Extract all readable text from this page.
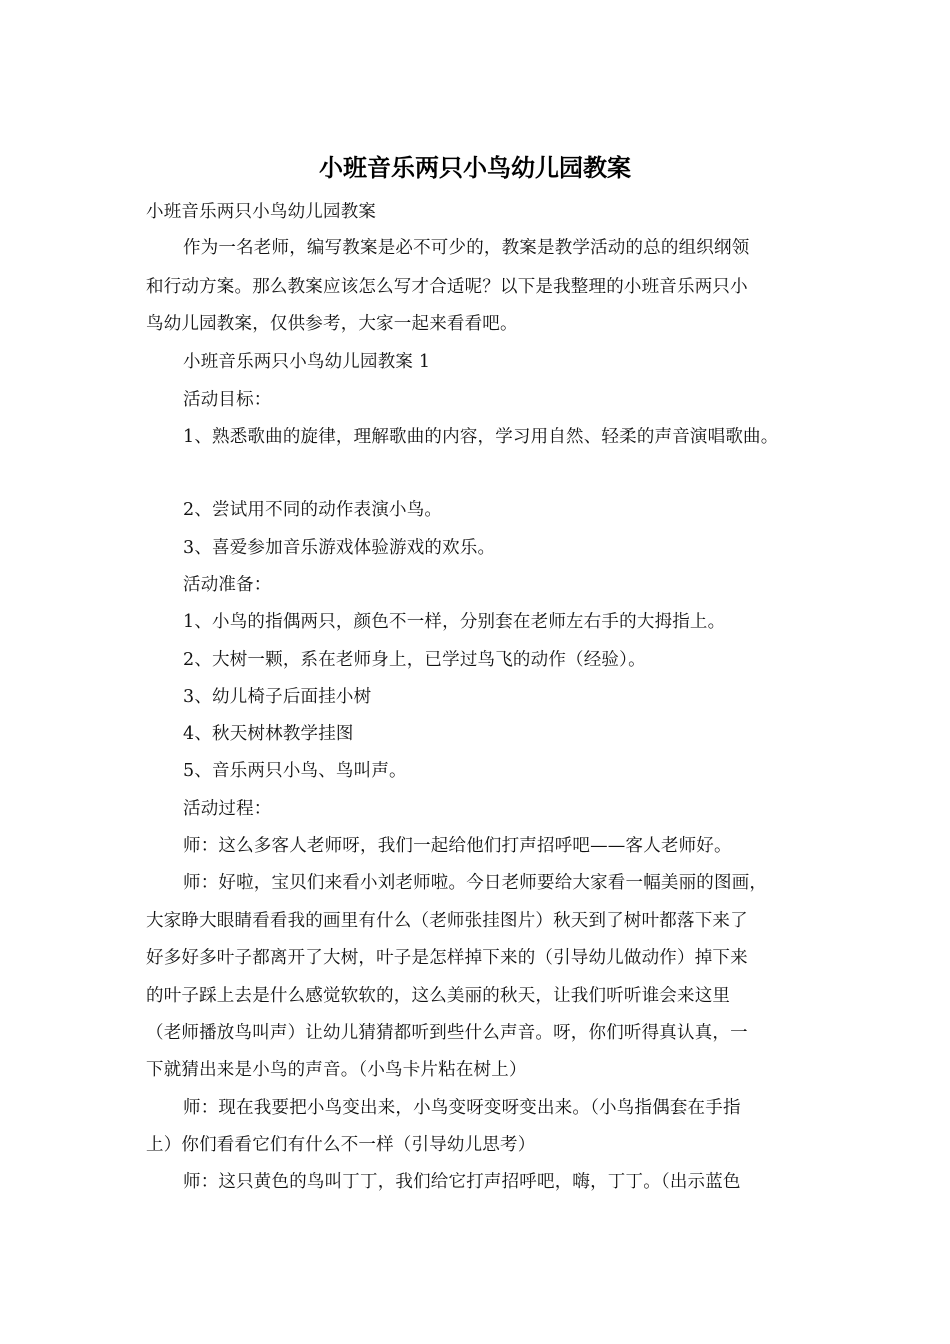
小班音乐两只小鸟幼儿园教案
小班音乐两只小鸟幼儿园教案
作为一名老师，编写教案是必不可少的，教案是教学活动的总的组织纲领
和行动方案。那么教案应该怎么写才合适呢？以下是我整理的小班音乐两只小
鸟幼儿园教案，仅供参考，大家一起来看看吧。
小班音乐两只小鸟幼儿园教案 1
活动目标：
1、熟悉歌曲的旋律，理解歌曲的内容，学习用自然、轻柔的声音演唱歌曲。
2、尝试用不同的动作表演小鸟。
3、喜爱参加音乐游戏体验游戏的欢乐。
活动准备：
1、小鸟的指偶两只，颜色不一样，分别套在老师左右手的大拇指上。
2、大树一颗，系在老师身上，已学过鸟飞的动作（经验）。
3、幼儿椅子后面挂小树
4、秋天树林教学挂图
5、音乐两只小鸟、鸟叫声。
活动过程：
师：这么多客人老师呀，我们一起给他们打声招呼吧——客人老师好。
师：好啦，宝贝们来看小刘老师啦。今日老师要给大家看一幅美丽的图画，
大家睁大眼睛看看我的画里有什么（老师张挂图片）秋天到了树叶都落下来了
好多好多叶子都离开了大树，叶子是怎样掉下来的（引导幼儿做动作）掉下来
的叶子踩上去是什么感觉软软的，这么美丽的秋天，让我们听听谁会来这里
（老师播放鸟叫声）让幼儿猜猜都听到些什么声音。呀，你们听得真认真，一
下就猜出来是小鸟的声音。（小鸟卡片粘在树上）
师：现在我要把小鸟变出来，小鸟变呀变呀变出来。（小鸟指偶套在手指
上）你们看看它们有什么不一样（引导幼儿思考）
师：这只黄色的鸟叫丁丁，我们给它打声招呼吧，嗨，丁丁。（出示蓝色
